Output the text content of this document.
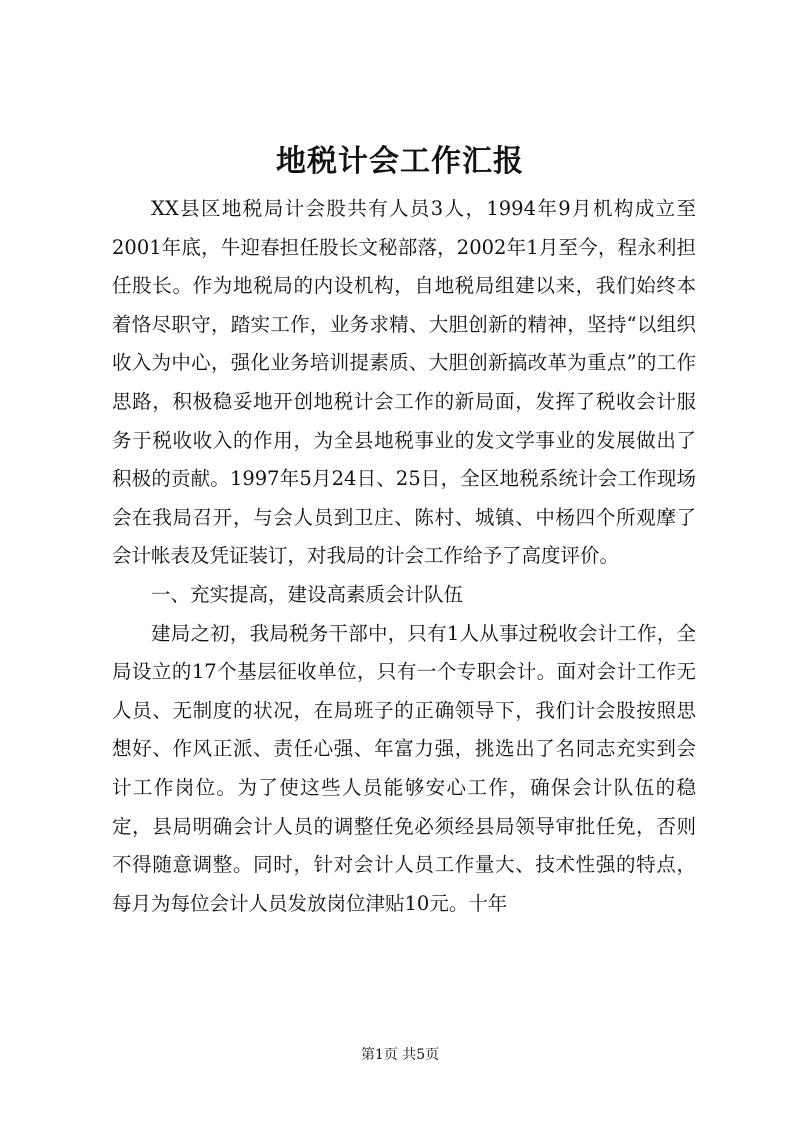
地税计会工作汇报

XX县区地税局计会股共有人员3人，1994年9月机构成立至2001年底，牛迎春担任股长文秘部落，2002年1月至今，程永利担任股长。作为地税局的内设机构，自地税局组建以来，我们始终本着恪尽职守，踏实工作，业务求精、大胆创新的精神，坚持“以组织收入为中心，强化业务培训提素质、大胆创新搞改革为重点”的工作思路，积极稳妥地开创地税计会工作的新局面，发挥了税收会计服务于税收收入的作用，为全县地税事业的发文学事业的发展做出了积极的贡献。1997年5月24日、25日，全区地税系统计会工作现场会在我局召开，与会人员到卫庄、陈村、城镇、中杨四个所观摩了会计帐表及凭证装订，对我局的计会工作给予了高度评价。

一、充实提高，建设高素质会计队伍

建局之初，我局税务干部中，只有1人从事过税收会计工作，全局设立的17个基层征收单位，只有一个专职会计。面对会计工作无人员、无制度的状况，在局班子的正确领导下，我们计会股按照思想好、作风正派、责任心强、年富力强，挑选出了名同志充实到会计工作岗位。为了使这些人员能够安心工作，确保会计队伍的稳定，县局明确会计人员的调整任免必须经县局领导审批任免，否则不得随意调整。同时，针对会计人员工作量大、技术性强的特点，每月为每位会计人员发放岗位津贴10元。十年

第1页 共5页
